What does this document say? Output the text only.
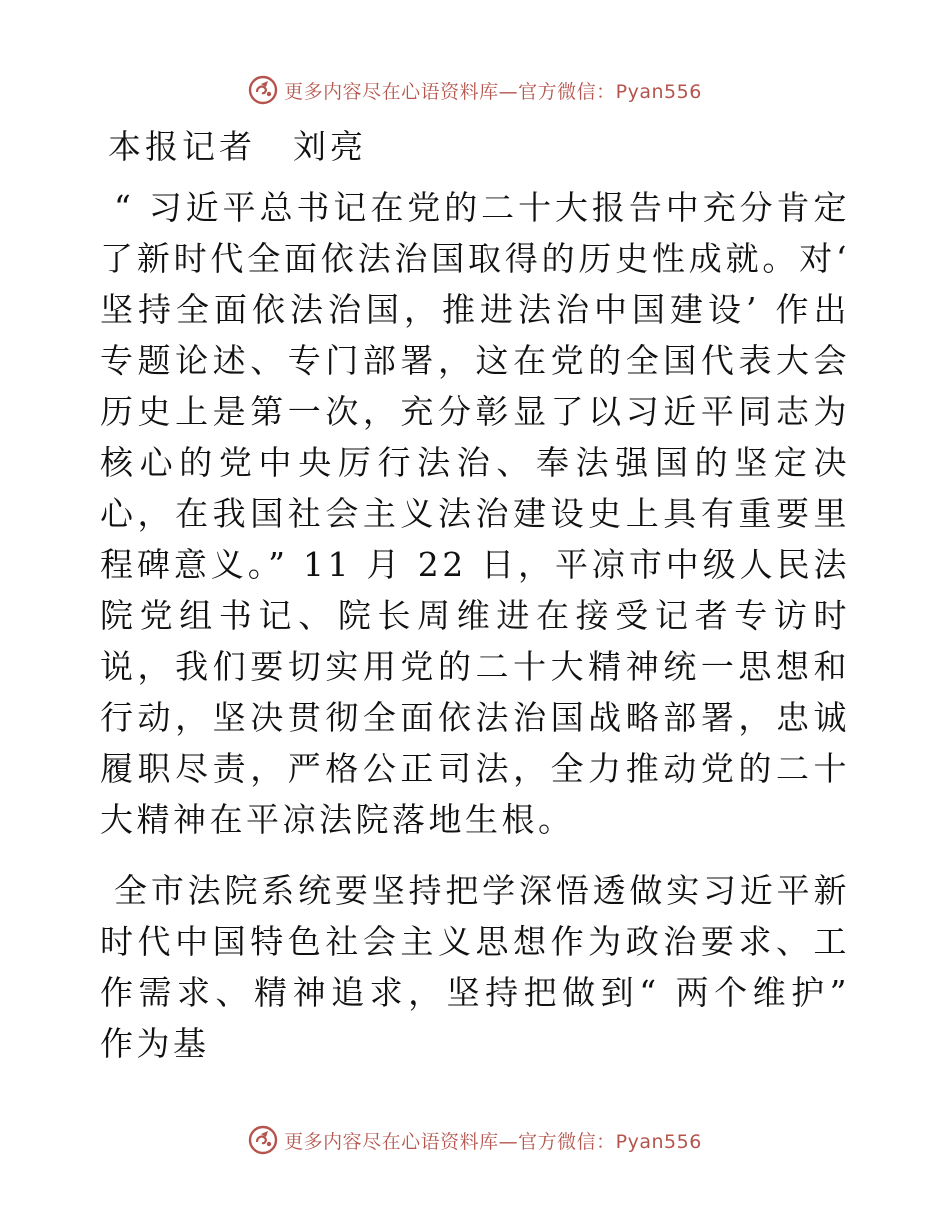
更多内容尽在心语资料库—官方微信：Pyan556
本报记者　刘亮

“ 习近平总书记在党的二十大报告中充分肯定了新时代全面依法治国取得的历史性成就。对‘ 坚持全面依法治国，推进法治中国建设’ 作出专题论述、专门部署，这在党的全国代表大会历史上是第一次，充分彰显了以习近平同志为核心的党中央厉行法治、奉法强国的坚定决心，在我国社会主义法治建设史上具有重要里程碑意义。” 11 月 22 日，平凉市中级人民法院党组书记、院长周维进在接受记者专访时说，我们要切实用党的二十大精神统一思想和行动，坚决贯彻全面依法治国战略部署，忠诚履职尽责，严格公正司法，全力推动党的二十大精神在平凉法院落地生根。

全市法院系统要坚持把学深悟透做实习近平新时代中国特色社会主义思想作为政治要求、工作需求、精神追求，坚持把做到“ 两个维护” 作为基

更多内容尽在心语资料库—官方微信：Pyan556
